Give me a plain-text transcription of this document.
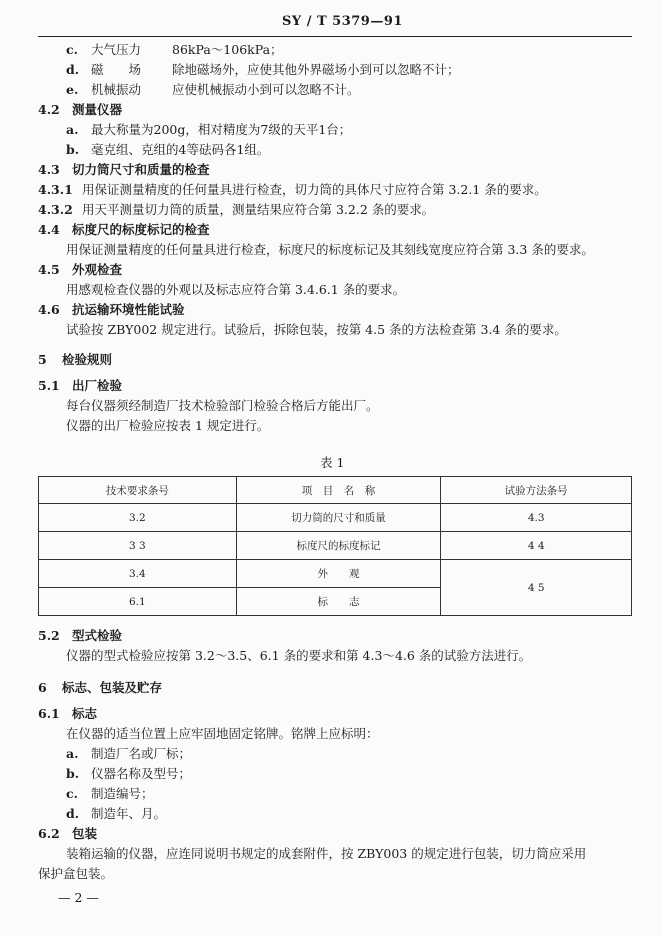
SY / T 5379—91
c. 大气压力 86kPa～106kPa；
d. 磁　　场 除地磁场外，应使其他外界磁场小到可以忽略不计；
e. 机械振动 应使机械振动小到可以忽略不计。
4.2 测量仪器
a. 最大称量为200g，相对精度为7级的天平1台；
b. 毫克组、克组的4等砝码各1组。
4.3 切力筒尺寸和质量的检查
4.3.1 用保证测量精度的任何量具进行检查，切力筒的具体尺寸应符合第 3.2.1 条的要求。
4.3.2 用天平测量切力筒的质量，测量结果应符合第 3.2.2 条的要求。
4.4 标度尺的标度标记的检查
用保证测量精度的任何量具进行检查，标度尺的标度标记及其刻线宽度应符合第 3.3 条的要求。
4.5 外观检查
用感观检查仪器的外观以及标志应符合第 3.4.6.1 条的要求。
4.6 抗运输环境性能试验
试验按 ZBY002 规定进行。试验后，拆除包装，按第 4.5 条的方法检查第 3.4 条的要求。
5 检验规则
5.1 出厂检验
每台仪器须经制造厂技术检验部门检验合格后方能出厂。
仪器的出厂检验应按表 1 规定进行。
表 1
技术要求条号	项　目　名　称	试验方法条号
3.2	切力筒的尺寸和质量	4.3
3 3	标度尺的标度标记	4 4
3.4	外　　观	4 5
6.1	标　　志	
5.2 型式检验
仪器的型式检验应按第 3.2～3.5、6.1 条的要求和第 4.3～4.6 条的试验方法进行。
6 标志、包装及贮存
6.1 标志
在仪器的适当位置上应牢固地固定铭牌。铭牌上应标明：
a. 制造厂名或厂标；
b. 仪器名称及型号；
c. 制造编号；
d. 制造年、月。
6.2 包装
装箱运输的仪器，应连同说明书规定的成套附件，按 ZBY003 的规定进行包装，切力筒应采用
保护盒包装。
— 2 —
